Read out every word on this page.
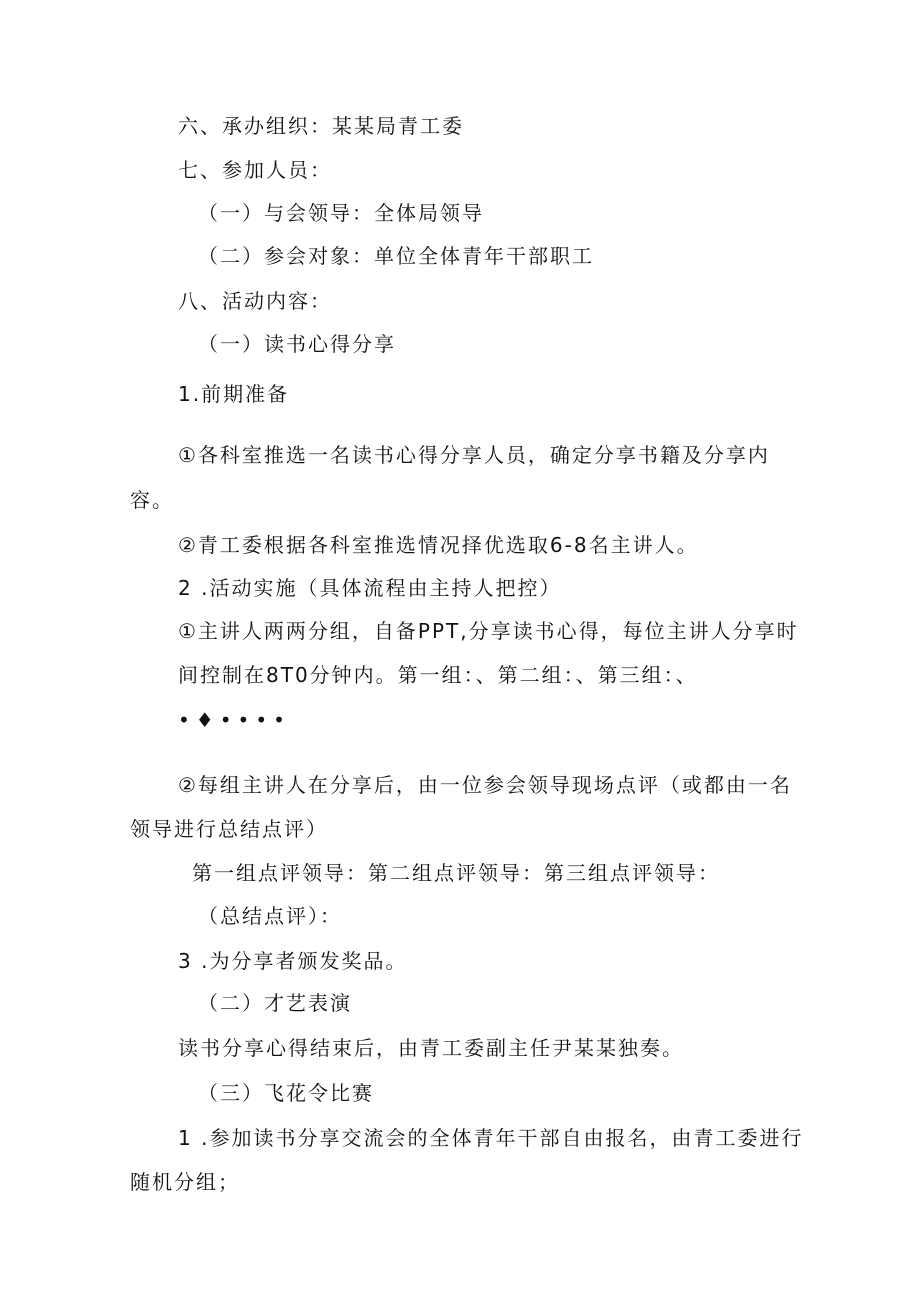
六、承办组织：某某局青工委
七、参加人员：
（一）与会领导：全体局领导
（二）参会对象：单位全体青年干部职工
八、活动内容：
（一）读书心得分享
1.前期准备
①各科室推选一名读书心得分享人员，确定分享书籍及分享内
容。
②青工委根据各科室推选情况择优选取6-8名主讲人。
2 .活动实施（具体流程由主持人把控）
①主讲人两两分组，自备PPT,分享读书心得，每位主讲人分享时
间控制在8T0分钟内。第一组：、第二组：、第三组：、
•♦••••
②每组主讲人在分享后，由一位参会领导现场点评（或都由一名
领导进行总结点评）
第一组点评领导：第二组点评领导：第三组点评领导：
（总结点评）：
3 .为分享者颁发奖品。
（二）才艺表演
读书分享心得结束后，由青工委副主任尹某某独奏。
（三）飞花令比赛
1 .参加读书分享交流会的全体青年干部自由报名，由青工委进行
随机分组；
